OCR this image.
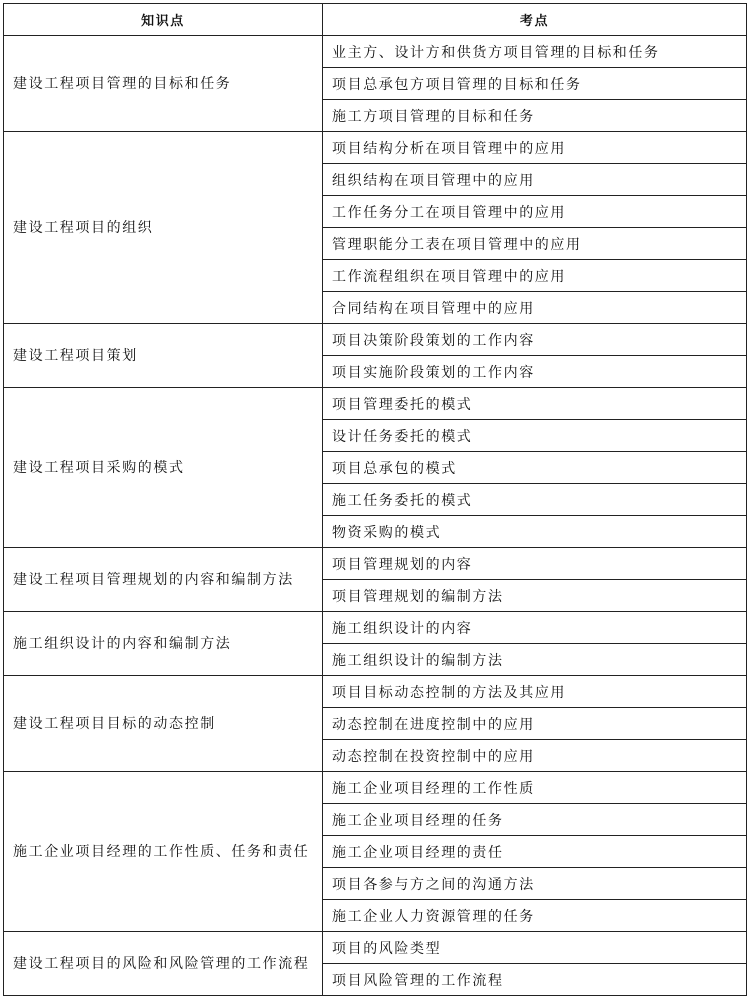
知识点	考点
建设工程项目管理的目标和任务	业主方、设计方和供货方项目管理的目标和任务
	项目总承包方项目管理的目标和任务
	施工方项目管理的目标和任务
建设工程项目的组织	项目结构分析在项目管理中的应用
	组织结构在项目管理中的应用
	工作任务分工在项目管理中的应用
	管理职能分工表在项目管理中的应用
	工作流程组织在项目管理中的应用
	合同结构在项目管理中的应用
建设工程项目策划	项目决策阶段策划的工作内容
	项目实施阶段策划的工作内容
建设工程项目采购的模式	项目管理委托的模式
	设计任务委托的模式
	项目总承包的模式
	施工任务委托的模式
	物资采购的模式
建设工程项目管理规划的内容和编制方法	项目管理规划的内容
	项目管理规划的编制方法
施工组织设计的内容和编制方法	施工组织设计的内容
	施工组织设计的编制方法
建设工程项目目标的动态控制	项目目标动态控制的方法及其应用
	动态控制在进度控制中的应用
	动态控制在投资控制中的应用
施工企业项目经理的工作性质、任务和责任	施工企业项目经理的工作性质
	施工企业项目经理的任务
	施工企业项目经理的责任
	项目各参与方之间的沟通方法
	施工企业人力资源管理的任务
建设工程项目的风险和风险管理的工作流程	项目的风险类型
	项目风险管理的工作流程
